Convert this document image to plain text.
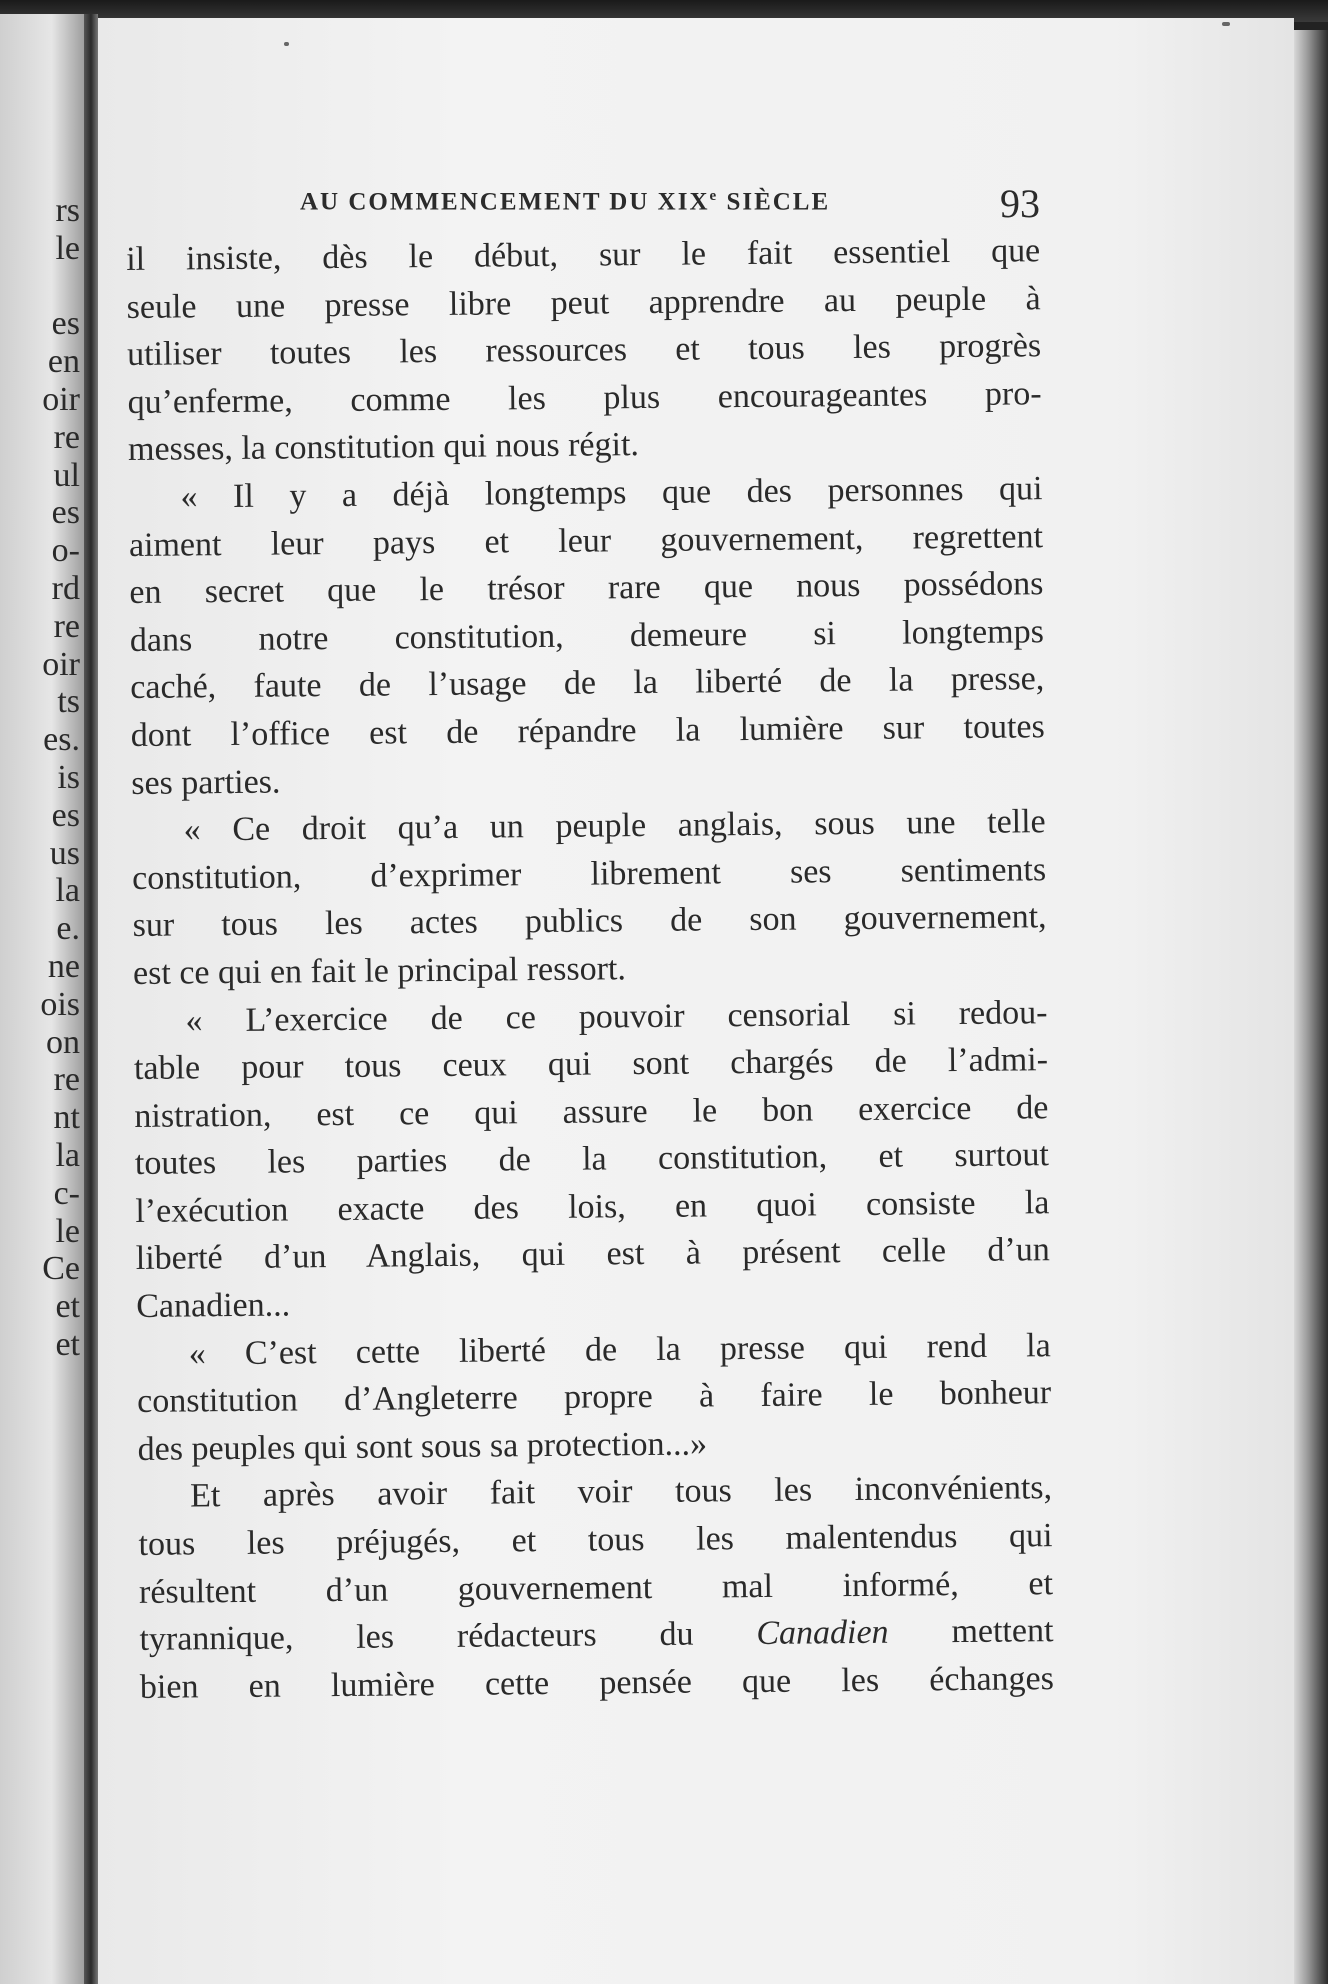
rs
le
es
en
oir
re
ul
es
o-
rd
re
oir
ts
es.
is
es
us
la
e.
ne
ois
on
re
nt
la
c-
le
Ce
et
et
AU COMMENCEMENT DU XIXe SIÈCLE	93
il insiste, dès le début, sur le fait essentiel que
seule une presse libre peut apprendre au peuple à
utiliser toutes les ressources et tous les progrès
qu’enferme, comme les plus encourageantes pro-
messes, la constitution qui nous régit.
« Il y a déjà longtemps que des personnes qui
aiment leur pays et leur gouvernement, regrettent
en secret que le trésor rare que nous possédons
dans notre constitution, demeure si longtemps
caché, faute de l’usage de la liberté de la presse,
dont l’office est de répandre la lumière sur toutes
ses parties.
« Ce droit qu’a un peuple anglais, sous une telle
constitution, d’exprimer librement ses sentiments
sur tous les actes publics de son gouvernement,
est ce qui en fait le principal ressort.
« L’exercice de ce pouvoir censorial si redou-
table pour tous ceux qui sont chargés de l’admi-
nistration, est ce qui assure le bon exercice de
toutes les parties de la constitution, et surtout
l’exécution exacte des lois, en quoi consiste la
liberté d’un Anglais, qui est à présent celle d’un
Canadien...
« C’est cette liberté de la presse qui rend la
constitution d’Angleterre propre à faire le bonheur
des peuples qui sont sous sa protection...»
Et après avoir fait voir tous les inconvénients,
tous les préjugés, et tous les malentendus qui
résultent d’un gouvernement mal informé, et
tyrannique, les rédacteurs du Canadien mettent
bien en lumière cette pensée que les échanges
